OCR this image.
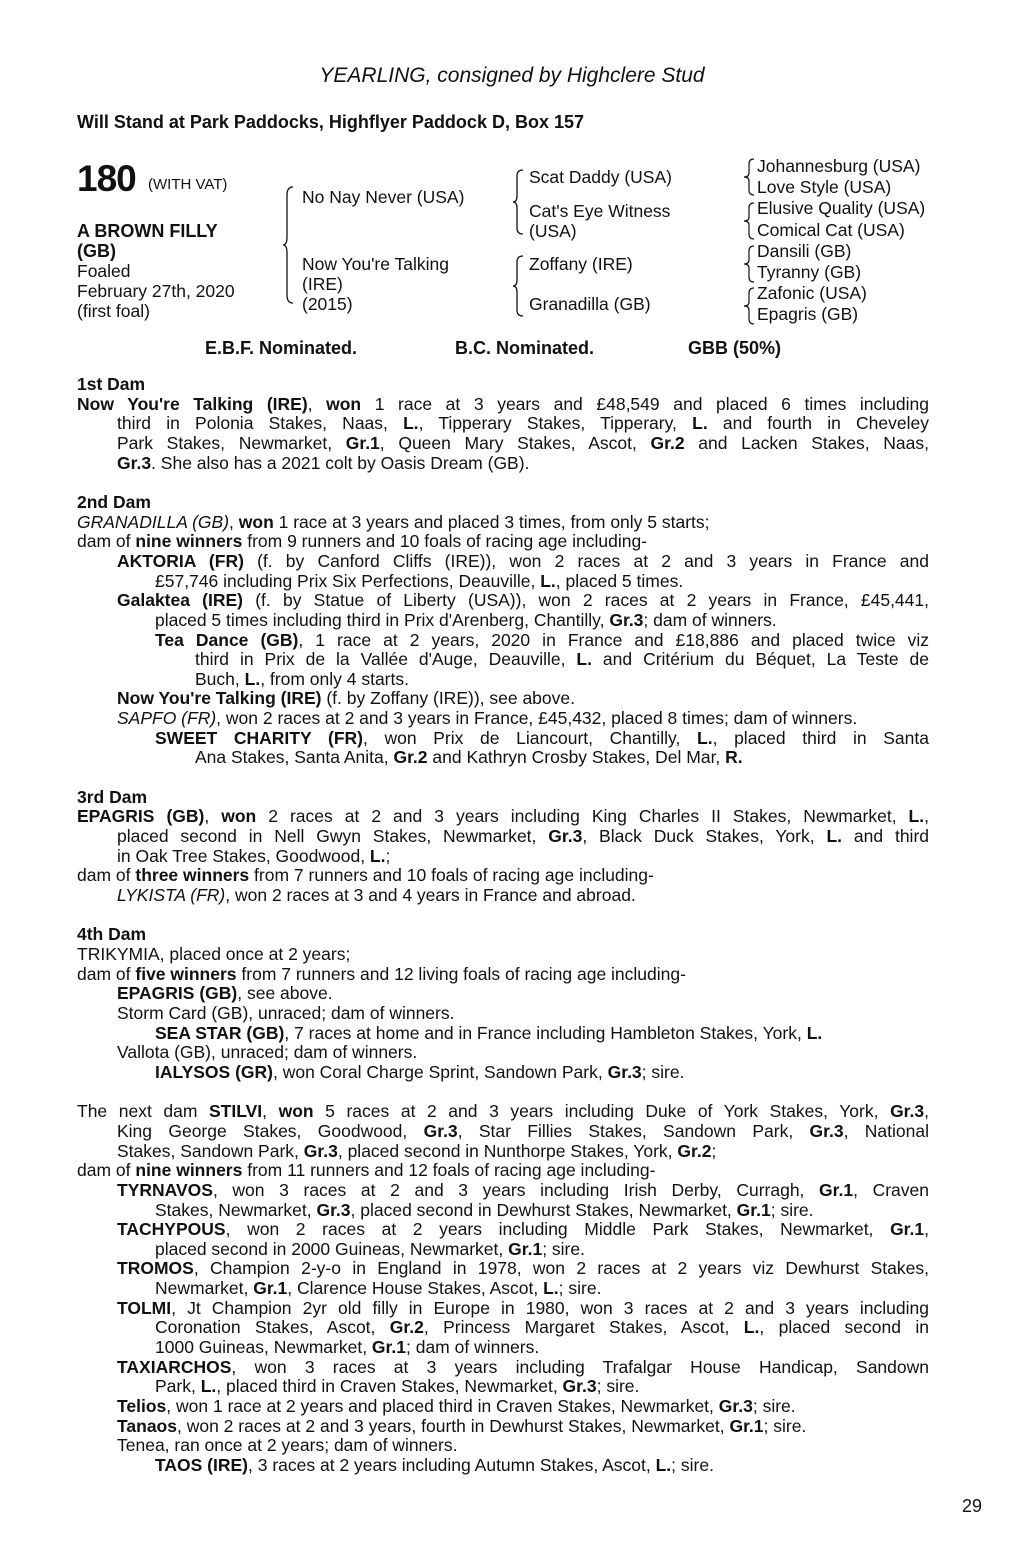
YEARLING, consigned by Highclere Stud
Will Stand at Park Paddocks, Highflyer Paddock D, Box 157
180 (WITH VAT)
A BROWN FILLY
(GB)
Foaled
February 27th, 2020
(first foal)
No Nay Never (USA)
Now You're Talking
(IRE)
(2015)
Scat Daddy (USA)
Cat's Eye Witness
(USA)
Zoffany (IRE)
Granadilla (GB)
Johannesburg (USA)
Love Style (USA)
Elusive Quality (USA)
Comical Cat (USA)
Dansili (GB)
Tyranny (GB)
Zafonic (USA)
Epagris (GB)
E.B.F. Nominated.	B.C. Nominated.	GBB (50%)
1st Dam
Now You're Talking (IRE), won 1 race at 3 years and £48,549 and placed 6 times including
third in Polonia Stakes, Naas, L., Tipperary Stakes, Tipperary, L. and fourth in Cheveley
Park Stakes, Newmarket, Gr.1, Queen Mary Stakes, Ascot, Gr.2 and Lacken Stakes, Naas,
Gr.3. She also has a 2021 colt by Oasis Dream (GB).
2nd Dam
GRANADILLA (GB), won 1 race at 3 years and placed 3 times, from only 5 starts;
dam of nine winners from 9 runners and 10 foals of racing age including-
AKTORIA (FR) (f. by Canford Cliffs (IRE)), won 2 races at 2 and 3 years in France and
£57,746 including Prix Six Perfections, Deauville, L., placed 5 times.
Galaktea (IRE) (f. by Statue of Liberty (USA)), won 2 races at 2 years in France, £45,441,
placed 5 times including third in Prix d'Arenberg, Chantilly, Gr.3; dam of winners.
Tea Dance (GB), 1 race at 2 years, 2020 in France and £18,886 and placed twice viz
third in Prix de la Vallée d'Auge, Deauville, L. and Critérium du Béquet, La Teste de
Buch, L., from only 4 starts.
Now You're Talking (IRE) (f. by Zoffany (IRE)), see above.
SAPFO (FR), won 2 races at 2 and 3 years in France, £45,432, placed 8 times; dam of winners.
SWEET CHARITY (FR), won Prix de Liancourt, Chantilly, L., placed third in Santa
Ana Stakes, Santa Anita, Gr.2 and Kathryn Crosby Stakes, Del Mar, R.
3rd Dam
EPAGRIS (GB), won 2 races at 2 and 3 years including King Charles II Stakes, Newmarket, L.,
placed second in Nell Gwyn Stakes, Newmarket, Gr.3, Black Duck Stakes, York, L. and third
in Oak Tree Stakes, Goodwood, L.;
dam of three winners from 7 runners and 10 foals of racing age including-
LYKISTA (FR), won 2 races at 3 and 4 years in France and abroad.
4th Dam
TRIKYMIA, placed once at 2 years;
dam of five winners from 7 runners and 12 living foals of racing age including-
EPAGRIS (GB), see above.
Storm Card (GB), unraced; dam of winners.
SEA STAR (GB), 7 races at home and in France including Hambleton Stakes, York, L.
Vallota (GB), unraced; dam of winners.
IALYSOS (GR), won Coral Charge Sprint, Sandown Park, Gr.3; sire.
The next dam STILVI, won 5 races at 2 and 3 years including Duke of York Stakes, York, Gr.3,
King George Stakes, Goodwood, Gr.3, Star Fillies Stakes, Sandown Park, Gr.3, National
Stakes, Sandown Park, Gr.3, placed second in Nunthorpe Stakes, York, Gr.2;
dam of nine winners from 11 runners and 12 foals of racing age including-
TYRNAVOS, won 3 races at 2 and 3 years including Irish Derby, Curragh, Gr.1, Craven
Stakes, Newmarket, Gr.3, placed second in Dewhurst Stakes, Newmarket, Gr.1; sire.
TACHYPOUS, won 2 races at 2 years including Middle Park Stakes, Newmarket, Gr.1,
placed second in 2000 Guineas, Newmarket, Gr.1; sire.
TROMOS, Champion 2-y-o in England in 1978, won 2 races at 2 years viz Dewhurst Stakes,
Newmarket, Gr.1, Clarence House Stakes, Ascot, L.; sire.
TOLMI, Jt Champion 2yr old filly in Europe in 1980, won 3 races at 2 and 3 years including
Coronation Stakes, Ascot, Gr.2, Princess Margaret Stakes, Ascot, L., placed second in
1000 Guineas, Newmarket, Gr.1; dam of winners.
TAXIARCHOS, won 3 races at 3 years including Trafalgar House Handicap, Sandown
Park, L., placed third in Craven Stakes, Newmarket, Gr.3; sire.
Telios, won 1 race at 2 years and placed third in Craven Stakes, Newmarket, Gr.3; sire.
Tanaos, won 2 races at 2 and 3 years, fourth in Dewhurst Stakes, Newmarket, Gr.1; sire.
Tenea, ran once at 2 years; dam of winners.
TAOS (IRE), 3 races at 2 years including Autumn Stakes, Ascot, L.; sire.
29
